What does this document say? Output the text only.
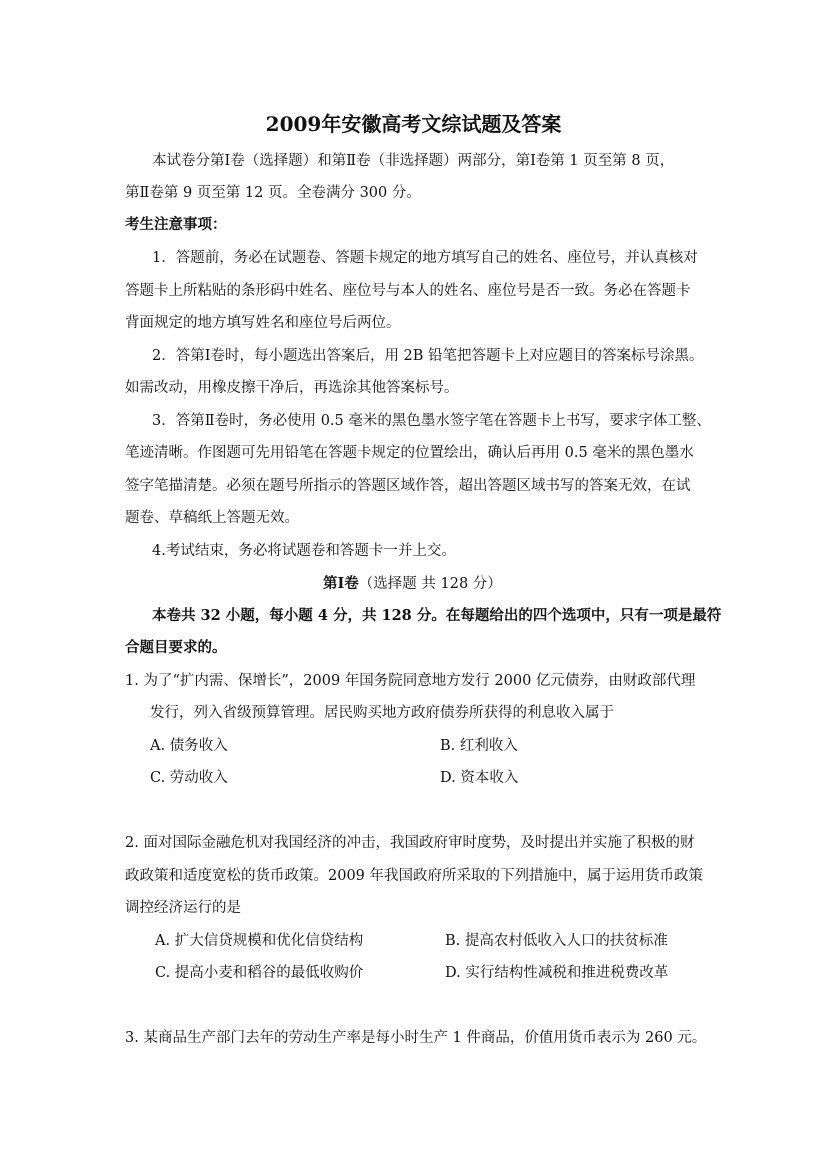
2009年安徽高考文综试题及答案
本试卷分第Ⅰ卷（选择题）和第Ⅱ卷（非选择题）两部分，第Ⅰ卷第 1 页至第 8 页，
第Ⅱ卷第 9 页至第 12 页。全卷满分 300 分。
考生注意事项：
1．答题前，务必在试题卷、答题卡规定的地方填写自己的姓名、座位号，并认真核对
答题卡上所粘贴的条形码中姓名、座位号与本人的姓名、座位号是否一致。务必在答题卡
背面规定的地方填写姓名和座位号后两位。
2．答第Ⅰ卷时，每小题选出答案后，用 2B 铅笔把答题卡上对应题目的答案标号涂黑。
如需改动，用橡皮擦干净后，再选涂其他答案标号。
3．答第Ⅱ卷时，务必使用 0.5 毫米的黑色墨水签字笔在答题卡上书写，要求字体工整、
笔迹清晰。作图题可先用铅笔在答题卡规定的位置绘出，确认后再用 0.5 毫米的黑色墨水
签字笔描清楚。必须在题号所指示的答题区域作答，超出答题区域书写的答案无效，在试
题卷、草稿纸上答题无效。
4.考试结束，务必将试题卷和答题卡一并上交。
第Ⅰ卷（选择题 共 128 分）
本卷共 32 小题，每小题 4 分，共 128 分。在每题给出的四个选项中，只有一项是最符
合题目要求的。
1. 为了“扩内需、保增长”，2009 年国务院同意地方发行 2000 亿元债券，由财政部代理
发行，列入省级预算管理。居民购买地方政府债券所获得的利息收入属于
A. 债务收入	B. 红利收入
C. 劳动收入	D. 资本收入
2. 面对国际金融危机对我国经济的冲击，我国政府审时度势，及时提出并实施了积极的财
政政策和适度宽松的货币政策。2009 年我国政府所采取的下列措施中，属于运用货币政策
调控经济运行的是
A. 扩大信贷规模和优化信贷结构	B. 提高农村低收入人口的扶贫标准
C. 提高小麦和稻谷的最低收购价	D. 实行结构性减税和推进税费改革
3. 某商品生产部门去年的劳动生产率是每小时生产 1 件商品，价值用货币表示为 260 元。
